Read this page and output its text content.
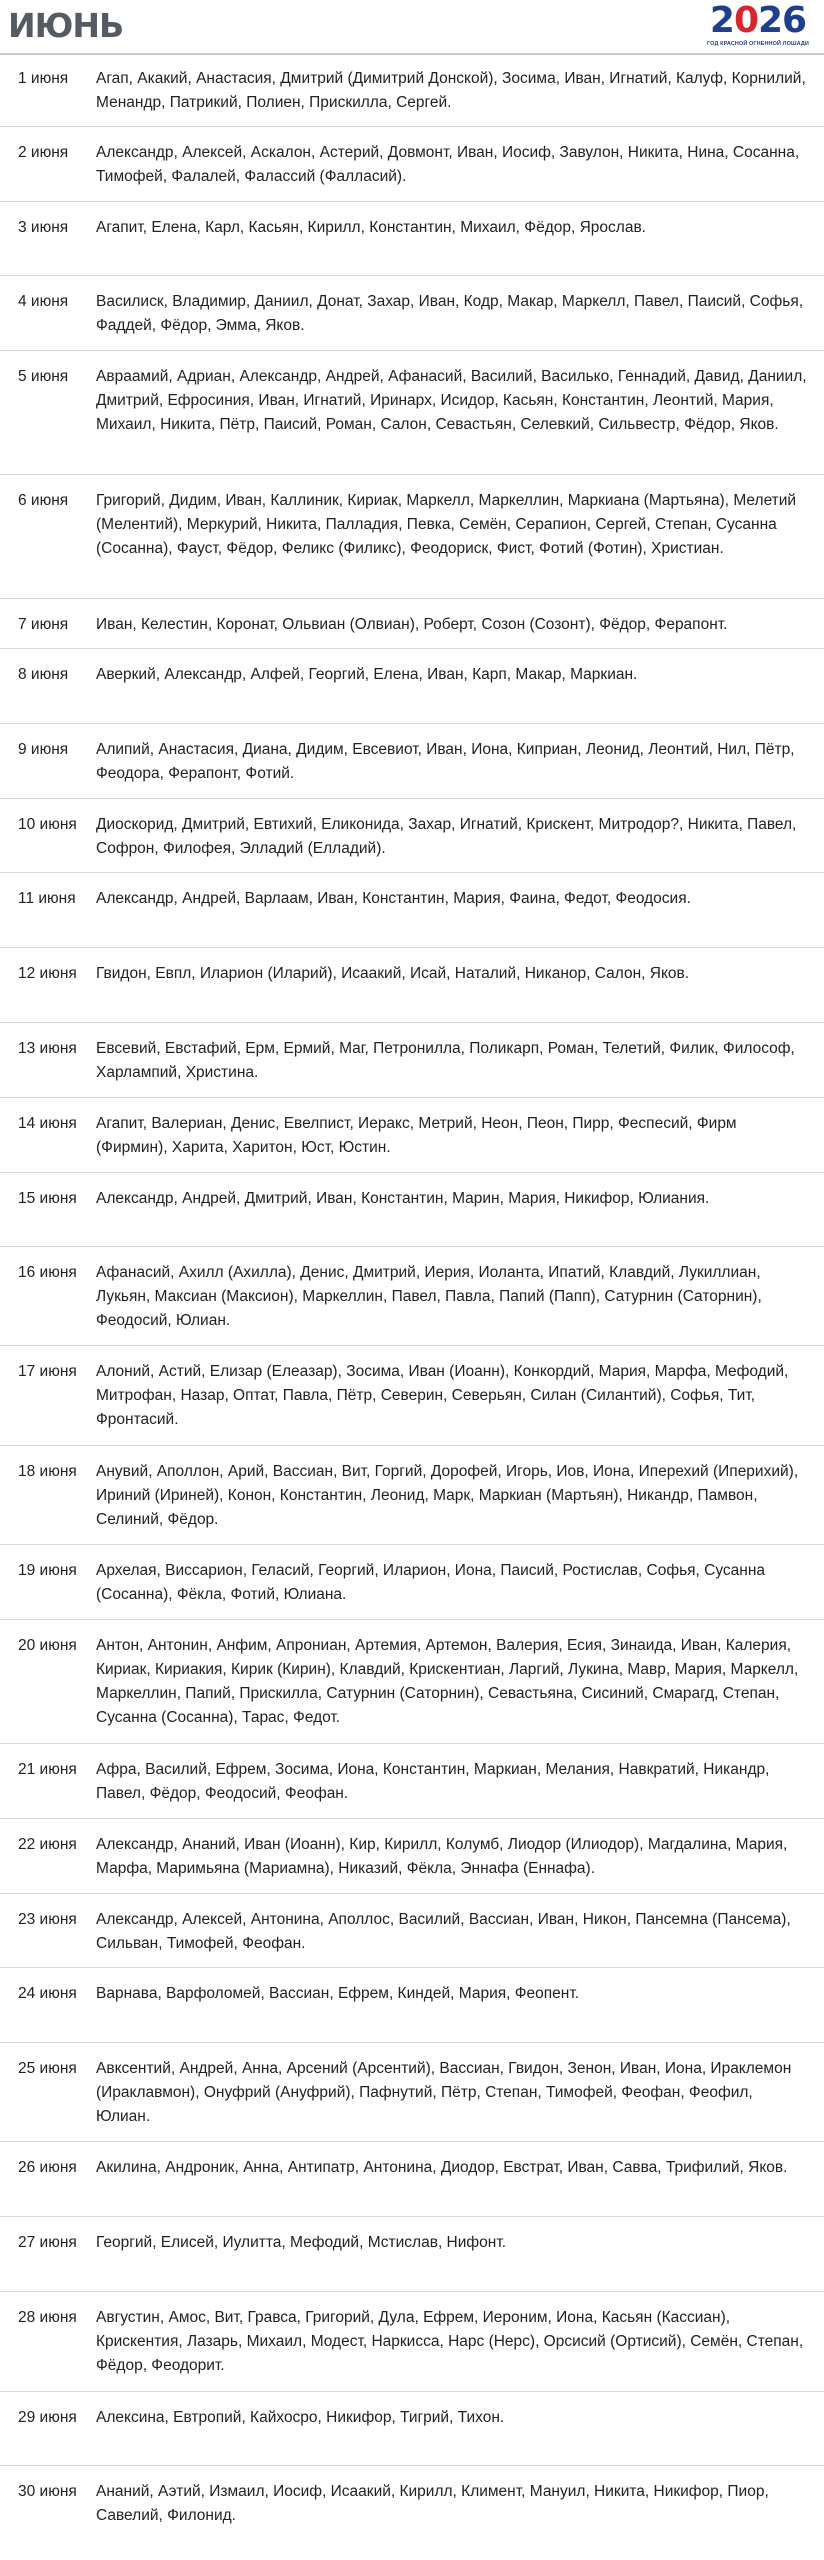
ИЮНЬ	2026
ГОД КРАСНОЙ ОГНЕННОЙ ЛОШАДИ
1 июня	Агап, Акакий, Анастасия, Дмитрий (Димитрий Донской), Зосима, Иван, Игнатий, Калуф, Корнилий, Менандр, Патрикий, Полиен, Прискилла, Сергей.
2 июня	Александр, Алексей, Аскалон, Астерий, Довмонт, Иван, Иосиф, Завулон, Никита, Нина, Сосанна, Тимофей, Фалалей, Фаласcий (Фалласий).
3 июня	Агапит, Елена, Карл, Касьян, Кирилл, Константин, Михаил, Фёдор, Ярослав.
4 июня	Василиск, Владимир, Даниил, Донат, Захар, Иван, Кодр, Макар, Маркелл, Павел, Паисий, Софья, Фаддей, Фёдор, Эмма, Яков.
5 июня	Авраамий, Адриан, Александр, Андрей, Афанасий, Василий, Василько, Геннадий, Давид, Даниил, Дмитрий, Ефросиния, Иван, Игнатий, Иринарх, Исидор, Касьян, Константин, Леонтий, Мария, Михаил, Никита, Пётр, Паисий, Роман, Салон, Севастьян, Селевкий, Сильвестр, Фёдор, Яков.
6 июня	Григорий, Дидим, Иван, Каллиник, Кириак, Маркелл, Маркеллин, Маркиана (Мартьяна), Мелетий (Мелентий), Меркурий, Никита, Палладия, Певка, Семён, Серапион, Сергей, Степан, Сусанна (Сосанна), Фауст, Фёдор, Феликс (Филикс), Феодориск, Фист, Фотий (Фотин), Христиан.
7 июня	Иван, Келестин, Коронат, Ольвиан (Олвиан), Роберт, Созон (Созонт), Фёдор, Ферапонт.
8 июня	Аверкий, Александр, Алфей, Георгий, Елена, Иван, Карп, Макар, Маркиан.
9 июня	Алипий, Анастасия, Диана, Дидим, Евсевиот, Иван, Иона, Киприан, Леонид, Леонтий, Нил, Пётр, Феодора, Ферапонт, Фотий.
10 июня Диоскорид, Дмитрий, Евтихий, Еликонида, Захар, Игнатий, Крискент, Митродор?, Никита, Павел, Софрон, Филофея, Элладий (Елладий).
11 июня Александр, Андрей, Варлаам, Иван, Константин, Мария, Фаина, Федот, Феодосия.
12 июня Гвидон, Евпл, Иларион (Иларий), Исаакий, Исай, Наталий, Никанор, Салон, Яков.
13 июня Евсевий, Евстафий, Ерм, Ермий, Маг, Петронилла, Поликарп, Роман, Телетий, Филик, Философ, Харлампий, Христина.
14 июня Агапит, Валериан, Денис, Евелпист, Иеракс, Метрий, Неон, Пеон, Пирр, Феспесий, Фирм (Фирмин), Харита, Харитон, Юст, Юстин.
15 июня Александр, Андрей, Дмитрий, Иван, Константин, Марин, Мария, Никифор, Юлиания.
16 июня Афанасий, Ахилл (Ахилла), Денис, Дмитрий, Иерия, Иоланта, Ипатий, Клавдий, Лукиллиан, Лукьян, Максиан (Максион), Маркеллин, Павел, Павла, Папий (Папп), Сатурнин (Саторнин), Феодосий, Юлиан.
17 июня Алоний, Астий, Елизар (Елеазар), Зосима, Иван (Иоанн), Конкордий, Мария, Марфа, Мефодий, Митрофан, Назар, Оптат, Павла, Пётр, Северин, Северьян, Силан (Силантий), Софья, Тит, Фронтасий.
18 июня Анувий, Аполлон, Арий, Вассиан, Вит, Горгий, Дорофей, Игорь, Иов, Иона, Иперехий (Иперихий), Ириний (Ириней), Конон, Константин, Леонид, Марк, Маркиан (Мартьян), Никандр, Памвон, Селиний, Фёдор.
19 июня Архелая, Виссарион, Геласий, Георгий, Иларион, Иона, Паисий, Ростислав, Софья, Сусанна (Сосанна), Фёкла, Фотий, Юлиана.
20 июня Антон, Антонин, Анфим, Апрониан, Артемия, Артемон, Валерия, Есия, Зинаида, Иван, Калерия, Кириак, Кириакия, Кирик (Кирин), Клавдий, Крискентиан, Ларгий, Лукина, Мавр, Мария, Маркелл, Маркеллин, Папий, Прискилла, Сатурнин (Саторнин), Севастьяна, Сисиний, Смарагд, Степан, Сусанна (Сосанна), Тарас, Федот.
21 июня Афра, Василий, Ефрем, Зосима, Иона, Константин, Маркиан, Мелания, Навкратий, Никандр, Павел, Фёдор, Феодосий, Феофан.
22 июня Александр, Ананий, Иван (Иоанн), Кир, Кирилл, Колумб, Лиодор (Илиодор), Магдалина, Мария, Марфа, Маримьяна (Мариамна), Никазий, Фёкла, Эннафа (Еннафа).
23 июня Александр, Алексей, Антонина, Аполлос, Василий, Вассиан, Иван, Никон, Пансемна (Пансема), Сильван, Тимофей, Феофан.
24 июня Варнава, Варфоломей, Вассиан, Ефрем, Киндей, Мария, Феопент.
25 июня Авксентий, Андрей, Анна, Арсений (Арсентий), Вассиан, Гвидон, Зенон, Иван, Иона, Ираклемон (Ираклавмон), Онуфрий (Ануфрий), Пафнутий, Пётр, Степан, Тимофей, Феофан, Феофил, Юлиан.
26 июня Акилина, Андроник, Анна, Антипатр, Антонина, Диодор, Евстрат, Иван, Савва, Трифилий, Яков.
27 июня Георгий, Елисей, Иулитта, Мефодий, Мстислав, Нифонт.
28 июня Августин, Амос, Вит, Гравса, Григорий, Дула, Ефрем, Иероним, Иона, Касьян (Кассиан), Крискентия, Лазарь, Михаил, Модест, Наркисса, Нарс (Нерс), Орсисий (Ортисий), Семён, Степан, Фёдор, Феодорит.
29 июня Алексина, Евтропий, Кайхосро, Никифор, Тигрий, Тихон.
30 июня Ананий, Аэтий, Измаил, Иосиф, Исаакий, Кирилл, Климент, Мануил, Никита, Никифор, Пиор, Савелий, Филонид.
